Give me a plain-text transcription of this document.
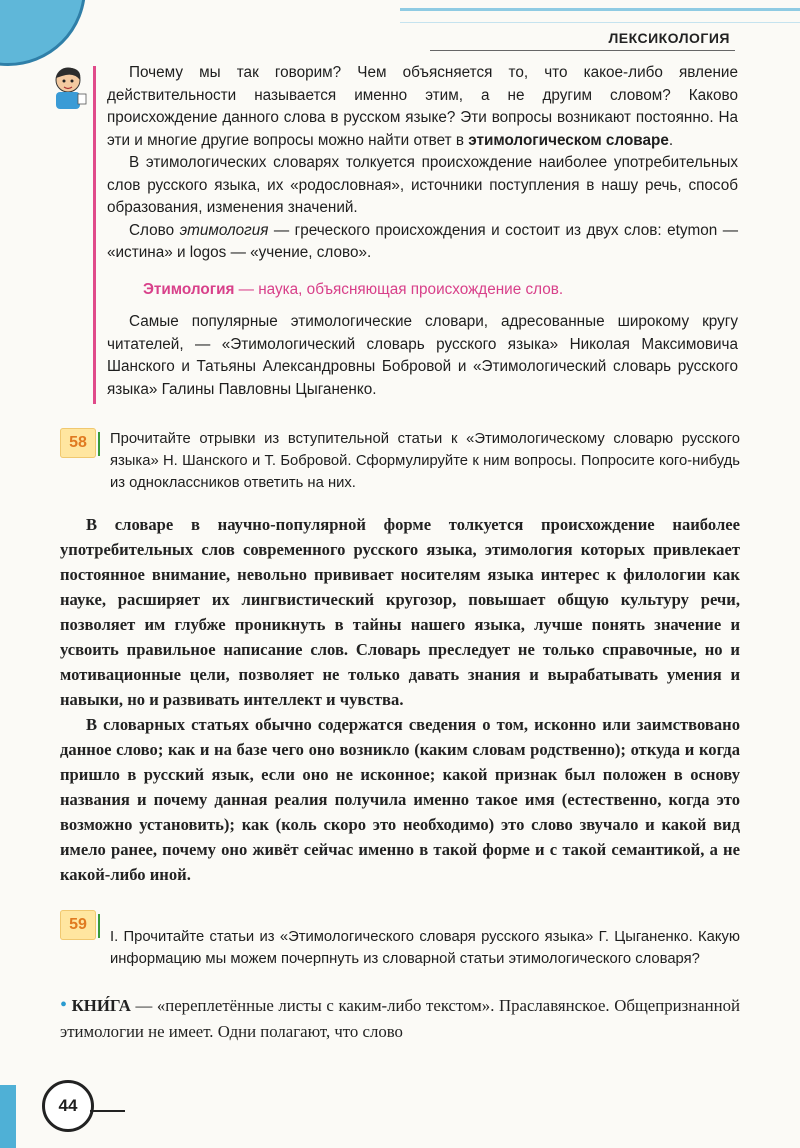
ЛЕКСИКОЛОГИЯ

Почему мы так говорим? Чем объясняется то, что какое-либо явление действительности называется именно этим, а не другим словом? Каково происхождение данного слова в русском языке? Эти вопросы возникают постоянно. На эти и многие другие вопросы можно найти ответ в этимологическом словаре.

В этимологических словарях толкуется происхождение наиболее употребительных слов русского языка, их «родословная», источники поступления в нашу речь, способ образования, изменения значений.

Слово этимология — греческого происхождения и состоит из двух слов: etymon — «истина» и logos — «учение, слово».

Этимология — наука, объясняющая происхождение слов.

Самые популярные этимологические словари, адресованные широкому кругу читателей, — «Этимологический словарь русского языка» Николая Максимовича Шанского и Татьяны Александровны Бобровой и «Этимологический словарь русского языка» Галины Павловны Цыганенко.

58	Прочитайте отрывки из вступительной статьи к «Этимологическому словарю русского языка» Н. Шанского и Т. Бобровой. Сформулируйте к ним вопросы. Попросите кого-нибудь из одноклассников ответить на них.

В словаре в научно-популярной форме толкуется происхождение наиболее употребительных слов современного русского языка, этимология которых привлекает постоянное внимание, невольно прививает носителям языка интерес к филологии как науке, расширяет их лингвистический кругозор, повышает общую культуру речи, позволяет им глубже проникнуть в тайны нашего языка, лучше понять значение и усвоить правильное написание слов. Словарь преследует не только справочные, но и мотивационные цели, позволяет не только давать знания и вырабатывать умения и навыки, но и развивать интеллект и чувства.

В словарных статьях обычно содержатся сведения о том, исконно или заимствовано данное слово; как и на базе чего оно возникло (каким словам родственно); откуда и когда пришло в русский язык, если оно не исконное; какой признак был положен в основу названия и почему данная реалия получила именно такое имя (естественно, когда это возможно установить); как (коль скоро это необходимо) это слово звучало и какой вид имело ранее, почему оно живёт сейчас именно в такой форме и с такой семантикой, а не какой-либо иной.

59

I. Прочитайте статьи из «Этимологического словаря русского языка» Г. Цыганенко. Какую информацию мы можем почерпнуть из словарной статьи этимологического словаря?

• КНИ́ГА — «переплетённые листы с каким-либо текстом». Праславянское. Общепризнанной этимологии не имеет. Одни полагают, что слово
44
